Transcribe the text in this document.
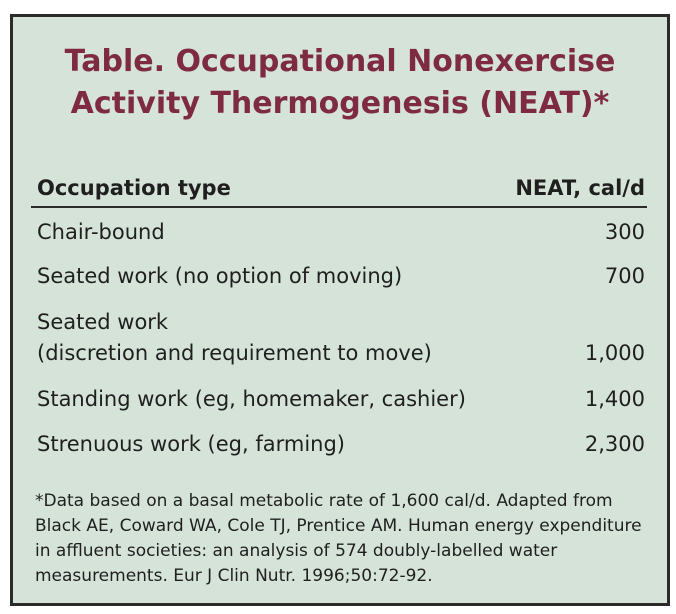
Table. Occupational Nonexercise
Activity Thermogenesis (NEAT)*
Occupation type	NEAT, cal/d
Chair-bound	300
Seated work (no option of moving)	700
Seated work
(discretion and requirement to move)	1,000
Standing work (eg, homemaker, cashier)	1,400
Strenuous work (eg, farming)	2,300

*Data based on a basal metabolic rate of 1,600 cal/d. Adapted from Black AE, Coward WA, Cole TJ, Prentice AM. Human energy expenditure in affluent societies: an analysis of 574 doubly-labelled water measurements. Eur J Clin Nutr. 1996;50:72-92.
